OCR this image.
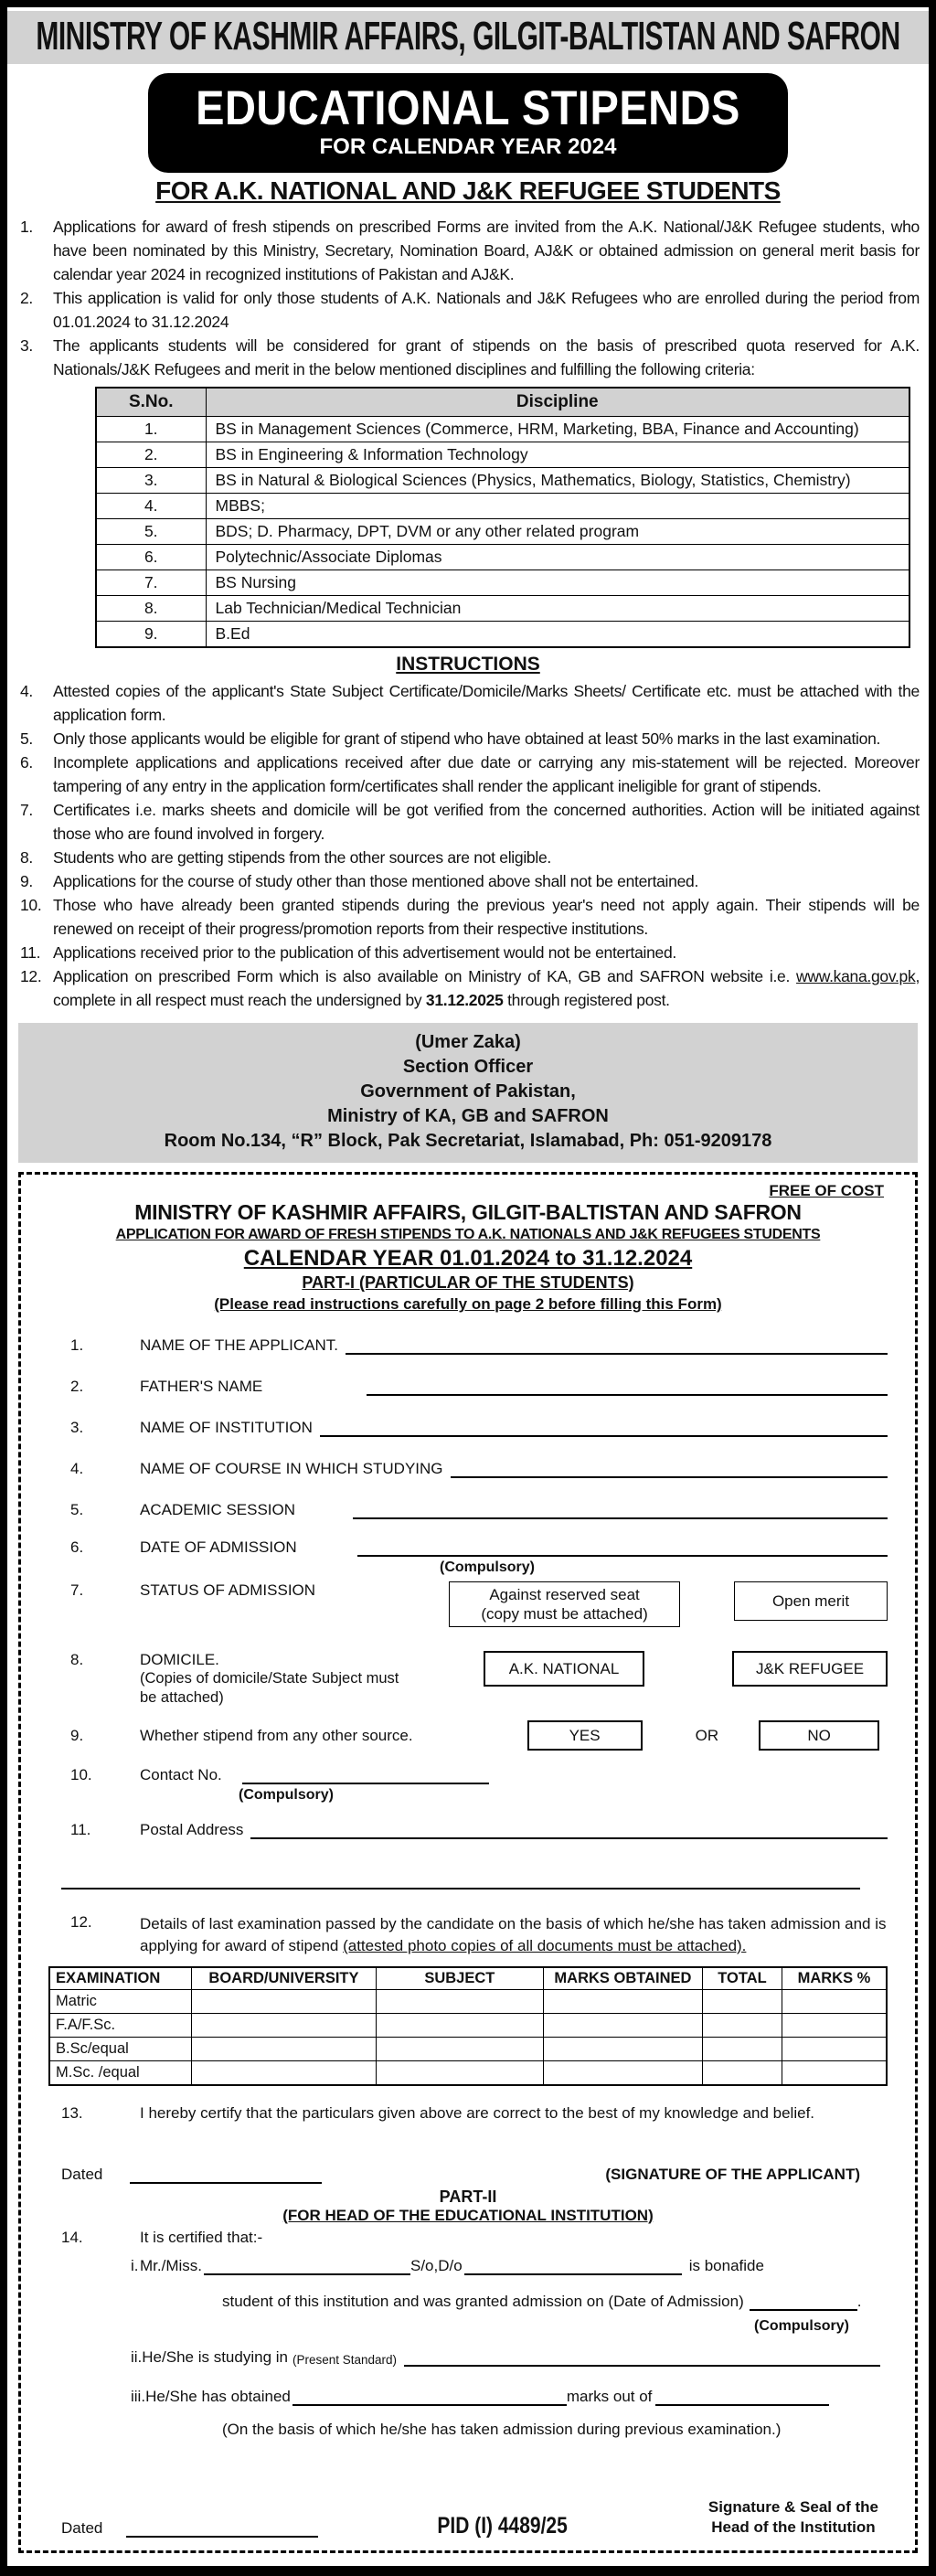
MINISTRY OF KASHMIR AFFAIRS, GILGIT-BALTISTAN AND SAFRON
EDUCATIONAL STIPENDS
FOR CALENDAR YEAR 2024
FOR A.K. NATIONAL AND J&K REFUGEE STUDENTS
1.	Applications for award of fresh stipends on prescribed Forms are invited from the A.K. National/J&K Refugee students, who have been nominated by this Ministry, Secretary, Nomination Board, AJ&K or obtained admission on general merit basis for calendar year 2024 in recognized institutions of Pakistan and AJ&K.
2.	This application is valid for only those students of A.K. Nationals and J&K Refugees who are enrolled during the period from 01.01.2024 to 31.12.2024
3.	The applicants students will be considered for grant of stipends on the basis of prescribed quota reserved for A.K. Nationals/J&K Refugees and merit in the below mentioned disciplines and fulfilling the following criteria:
S.No.	Discipline
1.	BS in Management Sciences (Commerce, HRM, Marketing, BBA, Finance and Accounting)
2.	BS in Engineering & Information Technology
3.	BS in Natural & Biological Sciences (Physics, Mathematics, Biology, Statistics, Chemistry)
4.	MBBS;
5.	BDS; D. Pharmacy, DPT, DVM or any other related program
6.	Polytechnic/Associate Diplomas
7.	BS Nursing
8.	Lab Technician/Medical Technician
9.	B.Ed
INSTRUCTIONS
4.	Attested copies of the applicant's State Subject Certificate/Domicile/Marks Sheets/ Certificate etc. must be attached with the application form.
5.	Only those applicants would be eligible for grant of stipend who have obtained at least 50% marks in the last examination.
6.	Incomplete applications and applications received after due date or carrying any mis-statement will be rejected. Moreover tampering of any entry in the application form/certificates shall render the applicant ineligible for grant of stipends.
7.	Certificates i.e. marks sheets and domicile will be got verified from the concerned authorities. Action will be initiated against those who are found involved in forgery.
8.	Students who are getting stipends from the other sources are not eligible.
9.	Applications for the course of study other than those mentioned above shall not be entertained.
10. Those who have already been granted stipends during the previous year's need not apply again. Their stipends will be renewed on receipt of their progress/promotion reports from their respective institutions.
11. Applications received prior to the publication of this advertisement would not be entertained.
12. Application on prescribed Form which is also available on Ministry of KA, GB and SAFRON website i.e. www.kana.gov.pk, complete in all respect must reach the undersigned by 31.12.2025 through registered post.
(Umer Zaka)
Section Officer
Government of Pakistan,
Ministry of KA, GB and SAFRON
Room No.134, “R” Block, Pak Secretariat, Islamabad, Ph: 051-9209178
FREE OF COST
MINISTRY OF KASHMIR AFFAIRS, GILGIT-BALTISTAN AND SAFRON
APPLICATION FOR AWARD OF FRESH STIPENDS TO A.K. NATIONALS AND J&K REFUGEES STUDENTS
CALENDAR YEAR 01.01.2024 to 31.12.2024
PART-I (PARTICULAR OF THE STUDENTS)
(Please read instructions carefully on page 2 before filling this Form)
1.	NAME OF THE APPLICANT.
2.	FATHER'S NAME
3.	NAME OF INSTITUTION
4.	NAME OF COURSE IN WHICH STUDYING
5.	ACADEMIC SESSION
6.	DATE OF ADMISSION
(Compulsory)
7.	STATUS OF ADMISSION	Against reserved seat
(copy must be attached)
Open merit
8.	DOMICILE.
(Copies of domicile/State Subject must be attached)
A.K. NATIONAL	J&K REFUGEE
9.	Whether stipend from any other source.	YES	OR	NO
10.	Contact No.
(Compulsory)
11.	Postal Address
12.	Details of last examination passed by the candidate on the basis of which he/she has taken admission and is applying for award of stipend (attested photo copies of all documents must be attached).
EXAMINATION	BOARD/UNIVERSITY	SUBJECT	MARKS OBTAINED	TOTAL	MARKS %
Matric					
F.A/F.Sc.					
B.Sc/equal					
M.Sc. /equal					
13.	I hereby certify that the particulars given above are correct to the best of my knowledge and belief.
Dated	(SIGNATURE OF THE APPLICANT)
PART-II
(FOR HEAD OF THE EDUCATIONAL INSTITUTION)
14.	It is certified that:-
i. Mr./Miss.	S/o,D/o	is bonafide
student of this institution and was granted admission on (Date of Admission)	.
(Compulsory)
ii. He/She is studying in (Present Standard)
iii. He/She has obtained	marks out of
(On the basis of which he/she has taken admission during previous examination.)
Dated	PID (I) 4489/25
Signature & Seal of the
Head of the Institution
